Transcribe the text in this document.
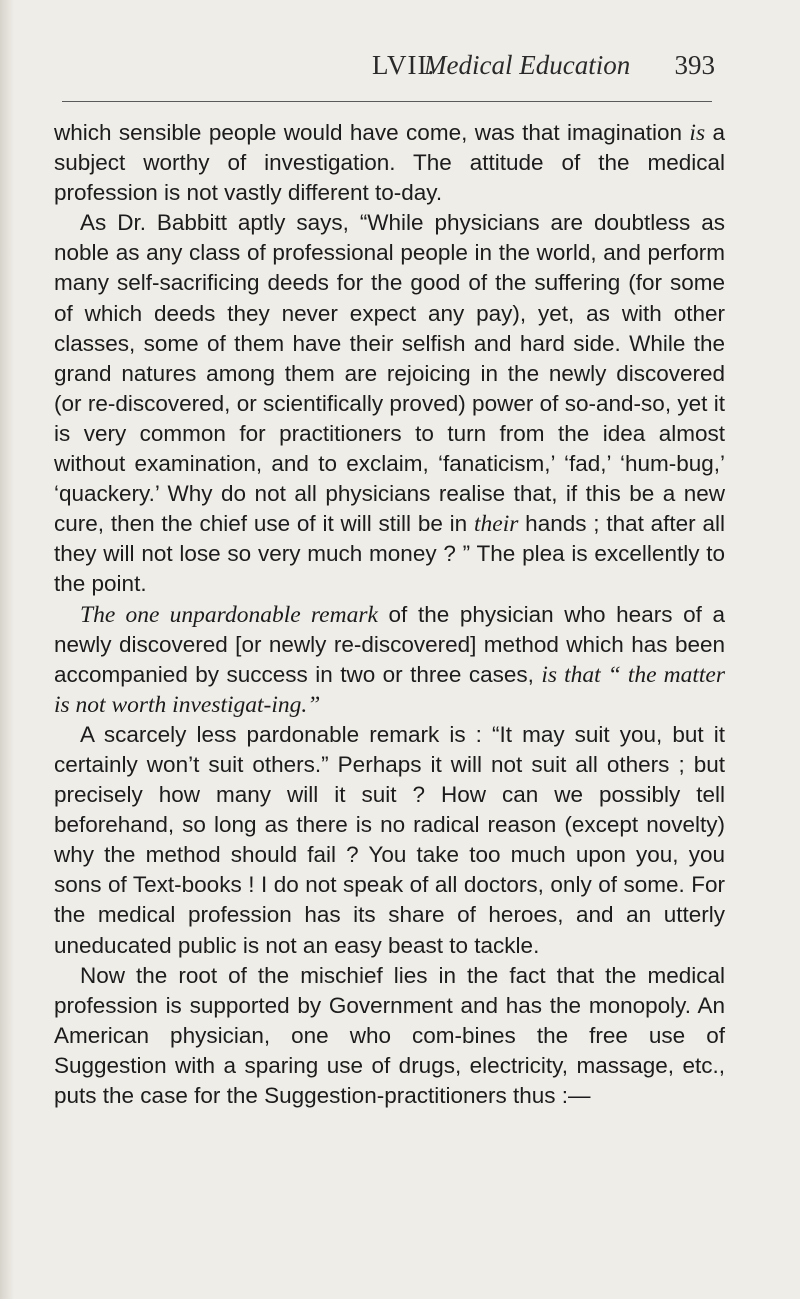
LVII.
Medical Education 393

which sensible people would have come, was that imagination is a subject worthy of investigation. The attitude of the medical profession is not vastly different to-day.

As Dr. Babbitt aptly says, “While physicians are doubtless as noble as any class of professional people in the world, and perform many self-sacrificing deeds for the good of the suffering (for some of which deeds they never expect any pay), yet, as with other classes, some of them have their selfish and hard side. While the grand natures among them are rejoicing in the newly discovered (or re-discovered, or scientifically proved) power of so-and-so, yet it is very common for practitioners to turn from the idea almost without examination, and to exclaim, ‘fanaticism,’ ‘fad,’ ‘hum-bug,’ ‘quackery.’ Why do not all physicians realise that, if this be a new cure, then the chief use of it will still be in their hands ; that after all they will not lose so very much money ? ” The plea is excellently to the point.

The one unpardonable remark of the physician who hears of a newly discovered [or newly re-discovered] method which has been accompanied by success in two or three cases, is that “ the matter is not worth investigat-ing.”

A scarcely less pardonable remark is : “It may suit you, but it certainly won’t suit others.” Perhaps it will not suit all others ; but precisely how many will it suit ? How can we possibly tell beforehand, so long as there is no radical reason (except novelty) why the method should fail ? You take too much upon you, you sons of Text-books ! I do not speak of all doctors, only of some. For the medical profession has its share of heroes, and an utterly uneducated public is not an easy beast to tackle.

Now the root of the mischief lies in the fact that the medical profession is supported by Government and has the monopoly. An American physician, one who com-bines the free use of Suggestion with a sparing use of drugs, electricity, massage, etc., puts the case for the Suggestion-practitioners thus :—
